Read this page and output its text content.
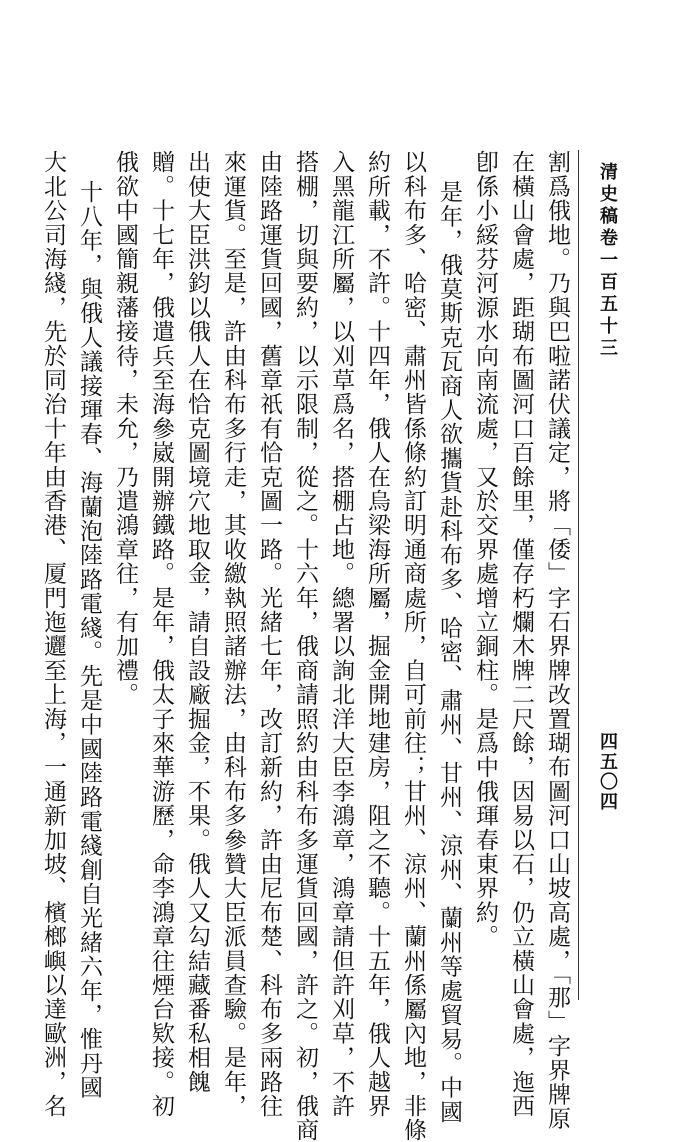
清史稿卷一百五十三
四五〇四
割爲俄地。乃與巴啦諾伏議定，將「倭」字石界牌改置瑚布圖河口山坡高處，「那」字界牌原
在橫山會處，距瑚布圖河口百餘里，僅存朽爛木牌二尺餘，因易以石，仍立橫山會處，迤西
卽係小綏芬河源水向南流處，又於交界處增立銅柱。是爲中俄琿春東界約。
是年，俄莫斯克瓦商人欲攜貨赴科布多、哈密、肅州、甘州、涼州、蘭州等處貿易。中國
以科布多、哈密、肅州皆係條約訂明通商處所，自可前往；甘州、涼州、蘭州係屬內地，非條
約所載，不許。十四年，俄人在烏梁海所屬，掘金開地建房，阻之不聽。十五年，俄人越界
入黑龍江所屬，以刈草爲名，搭棚占地。總署以詢北洋大臣李鴻章，鴻章請但許刈草，不許
搭棚，切與要約，以示限制，從之。十六年，俄商請照約由科布多運貨回國，許之。初，俄商
由陸路運貨回國，舊章祇有恰克圖一路。光緒七年，改訂新約，許由尼布楚、科布多兩路往
來運貨。至是，許由科布多行走，其收繳執照諸辦法，由科布多參贊大臣派員查驗。是年，
出使大臣洪鈞以俄人在恰克圖境穴地取金，請自設廠掘金，不果。俄人又勾結藏番私相餽
贈。十七年，俄遣兵至海參崴開辦鐵路。是年，俄太子來華游歷，命李鴻章往煙台欵接。初
俄欲中國簡親藩接待，未允，乃遣鴻章往，有加禮。
十八年，與俄人議接琿春、海蘭泡陸路電綫。先是中國陸路電綫創自光緒六年，惟丹國
大北公司海綫，先於同治十年由香港、厦門迤邐至上海，一通新加坡、檳榔嶼以達歐洲，名
